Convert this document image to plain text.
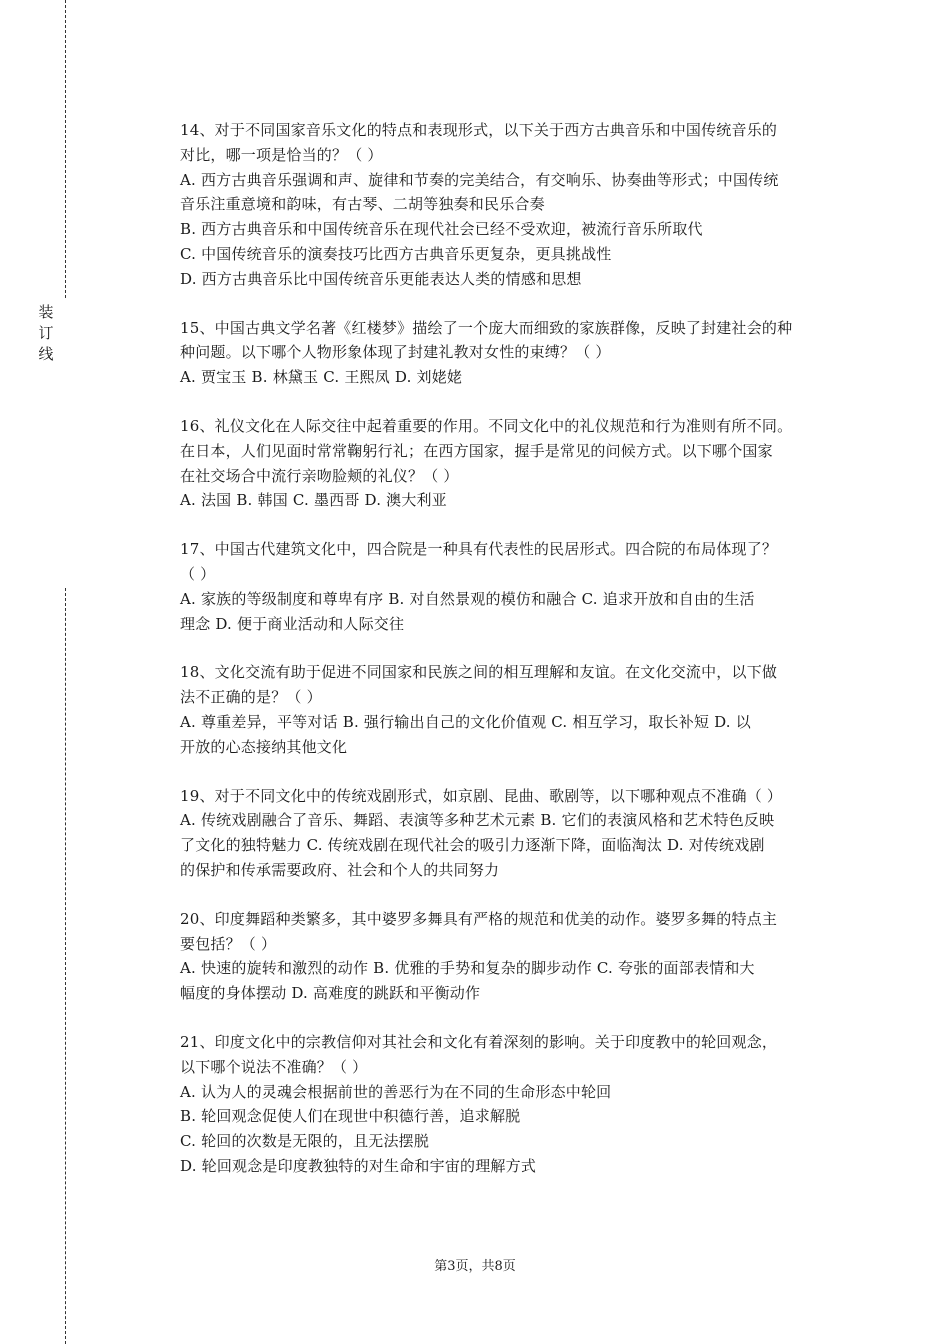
装
订
线
14、对于不同国家音乐文化的特点和表现形式，以下关于西方古典音乐和中国传统音乐的
对比，哪一项是恰当的？（ ）
A. 西方古典音乐强调和声、旋律和节奏的完美结合，有交响乐、协奏曲等形式；中国传统
音乐注重意境和韵味，有古琴、二胡等独奏和民乐合奏
B. 西方古典音乐和中国传统音乐在现代社会已经不受欢迎，被流行音乐所取代
C. 中国传统音乐的演奏技巧比西方古典音乐更复杂，更具挑战性
D. 西方古典音乐比中国传统音乐更能表达人类的情感和思想
15、中国古典文学名著《红楼梦》描绘了一个庞大而细致的家族群像，反映了封建社会的种
种问题。以下哪个人物形象体现了封建礼教对女性的束缚？（ ）
A. 贾宝玉 B. 林黛玉 C. 王熙凤 D. 刘姥姥
16、礼仪文化在人际交往中起着重要的作用。不同文化中的礼仪规范和行为准则有所不同。
在日本，人们见面时常常鞠躬行礼；在西方国家，握手是常见的问候方式。以下哪个国家
在社交场合中流行亲吻脸颊的礼仪？（ ）
A. 法国 B. 韩国 C. 墨西哥 D. 澳大利亚
17、中国古代建筑文化中，四合院是一种具有代表性的民居形式。四合院的布局体现了？
（ ）
A. 家族的等级制度和尊卑有序 B. 对自然景观的模仿和融合 C. 追求开放和自由的生活
理念 D. 便于商业活动和人际交往
18、文化交流有助于促进不同国家和民族之间的相互理解和友谊。在文化交流中，以下做
法不正确的是？（ ）
A. 尊重差异，平等对话 B. 强行输出自己的文化价值观 C. 相互学习，取长补短 D. 以
开放的心态接纳其他文化
19、对于不同文化中的传统戏剧形式，如京剧、昆曲、歌剧等，以下哪种观点不准确（ ）
A. 传统戏剧融合了音乐、舞蹈、表演等多种艺术元素 B. 它们的表演风格和艺术特色反映
了文化的独特魅力 C. 传统戏剧在现代社会的吸引力逐渐下降，面临淘汰 D. 对传统戏剧
的保护和传承需要政府、社会和个人的共同努力
20、印度舞蹈种类繁多，其中婆罗多舞具有严格的规范和优美的动作。婆罗多舞的特点主
要包括？（ ）
A. 快速的旋转和激烈的动作 B. 优雅的手势和复杂的脚步动作 C. 夸张的面部表情和大
幅度的身体摆动 D. 高难度的跳跃和平衡动作
21、印度文化中的宗教信仰对其社会和文化有着深刻的影响。关于印度教中的轮回观念，
以下哪个说法不准确？（ ）
A. 认为人的灵魂会根据前世的善恶行为在不同的生命形态中轮回
B. 轮回观念促使人们在现世中积德行善，追求解脱
C. 轮回的次数是无限的，且无法摆脱
D. 轮回观念是印度教独特的对生命和宇宙的理解方式
第3页，共8页
